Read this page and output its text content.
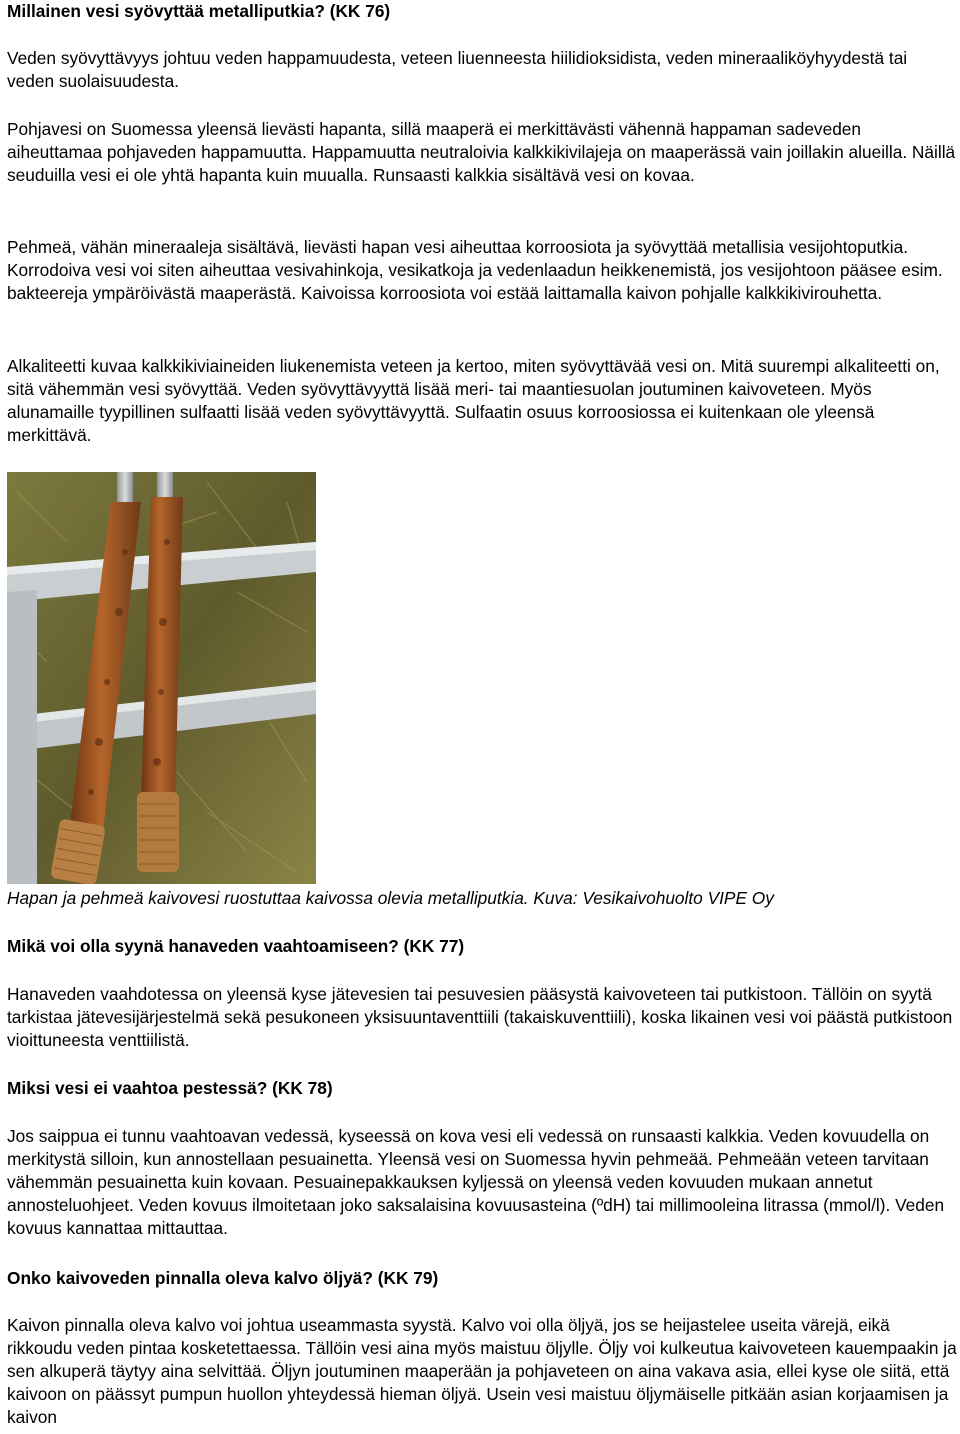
Millainen vesi syövyttää metalliputkia? (KK 76)

Veden syövyttävyys johtuu veden happamuudesta, veteen liuenneesta hiilidioksidista, veden mineraaliköyhyydestä tai veden suolaisuudesta.

Pohjavesi on Suomessa yleensä lievästi hapanta, sillä maaperä ei merkittävästi vähennä happaman sadeveden aiheuttamaa pohjaveden happamuutta. Happamuutta neutraloivia kalkkikivilajeja on maaperässä vain joillakin alueilla. Näillä seuduilla vesi ei ole yhtä hapanta kuin muualla. Runsaasti kalkkia sisältävä vesi on kovaa.

Pehmeä, vähän mineraaleja sisältävä, lievästi hapan vesi aiheuttaa korroosiota ja syövyttää metallisia vesijohtoputkia. Korrodoiva vesi voi siten aiheuttaa vesivahinkoja, vesikatkoja ja vedenlaadun heikkenemistä, jos vesijohtoon pääsee esim. bakteereja ympäröivästä maaperästä. Kaivoissa korroosiota voi estää laittamalla kaivon pohjalle kalkkikivirouhetta.

Alkaliteetti kuvaa kalkkikiviaineiden liukenemista veteen ja kertoo, miten syövyttävää vesi on. Mitä suurempi alkaliteetti on, sitä vähemmän vesi syövyttää. Veden syövyttävyyttä lisää meri- tai maantiesuolan joutuminen kaivoveteen. Myös alunamaille tyypillinen sulfaatti lisää veden syövyttävyyttä. Sulfaatin osuus korroosiossa ei kuitenkaan ole yleensä merkittävä.

Hapan ja pehmeä kaivovesi ruostuttaa kaivossa olevia metalliputkia. Kuva: Vesikaivohuolto VIPE Oy

Mikä voi olla syynä hanaveden vaahtoamiseen? (KK 77)

Hanaveden vaahdotessa on yleensä kyse jätevesien tai pesuvesien pääsystä kaivoveteen tai putkistoon. Tällöin on syytä tarkistaa jätevesijärjestelmä sekä pesukoneen yksisuuntaventtiili (takaiskuventtiili), koska likainen vesi voi päästä putkistoon vioittuneesta venttiilistä.

Miksi vesi ei vaahtoa pestessä? (KK 78)

Jos saippua ei tunnu vaahtoavan vedessä, kyseessä on kova vesi eli vedessä on runsaasti kalkkia. Veden kovuudella on merkitystä silloin, kun annostellaan pesuainetta. Yleensä vesi on Suomessa hyvin pehmeää. Pehmeään veteen tarvitaan vähemmän pesuainetta kuin kovaan. Pesuainepakkauksen kyljessä on yleensä veden kovuuden mukaan annetut annosteluohjeet. Veden kovuus ilmoitetaan joko saksalaisina kovuusasteina (ºdH) tai millimooleina litrassa (mmol/l). Veden kovuus kannattaa mittauttaa.

Onko kaivoveden pinnalla oleva kalvo öljyä? (KK 79)

Kaivon pinnalla oleva kalvo voi johtua useammasta syystä. Kalvo voi olla öljyä, jos se heijastelee useita värejä, eikä rikkoudu veden pintaa kosketettaessa. Tällöin vesi aina myös maistuu öljylle. Öljy voi kulkeutua kaivoveteen kauempaakin ja sen alkuperä täytyy aina selvittää. Öljyn joutuminen maaperään ja pohjaveteen on aina vakava asia, ellei kyse ole siitä, että kaivoon on päässyt pumpun huollon yhteydessä hieman öljyä. Usein vesi maistuu öljymäiselle pitkään asian korjaamisen ja kaivon
